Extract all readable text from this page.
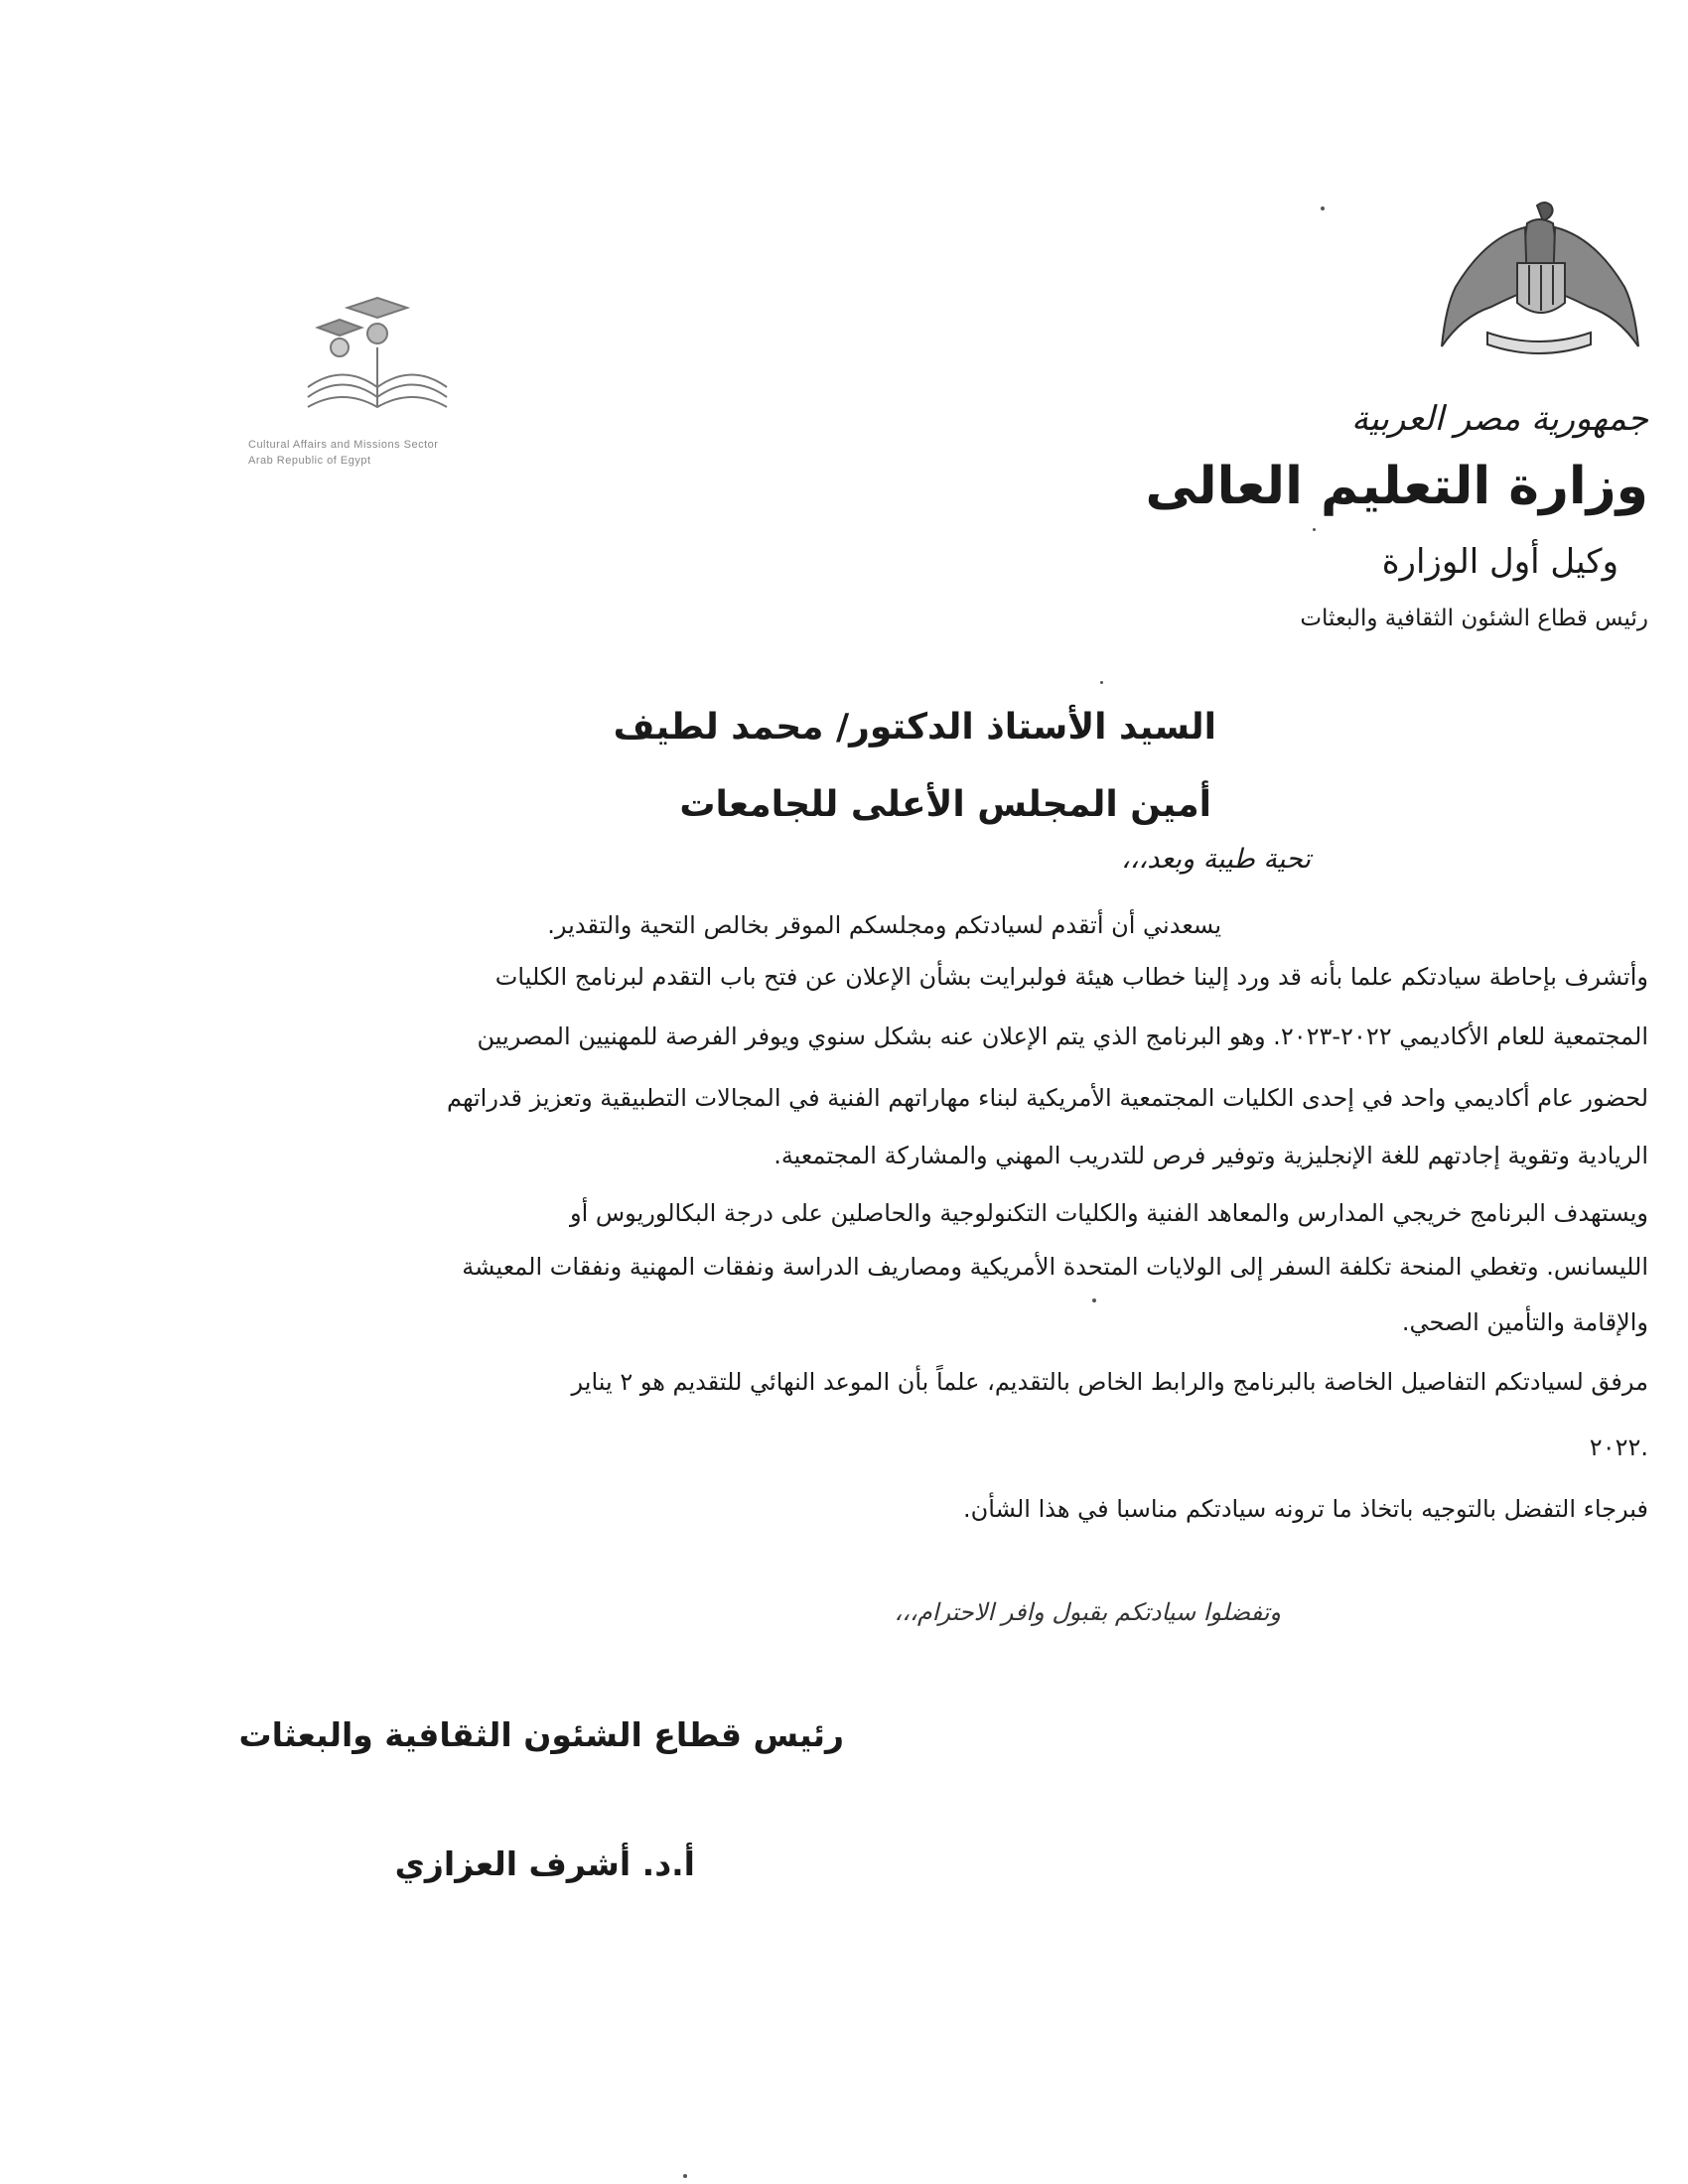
Cultural Affairs and Missions Sector
Arab Republic of Egypt
جمهورية مصر العربية
وزارة التعليم العالى
وكيل أول الوزارة
رئيس قطاع الشئون الثقافية والبعثات
السيد الأستاذ الدكتور/ محمد لطيف
أمين المجلس الأعلى للجامعات
تحية طيبة وبعد،،،
يسعدني أن أتقدم لسيادتكم ومجلسكم الموقر بخالص التحية والتقدير.
وأتشرف بإحاطة سيادتكم علما بأنه قد ورد إلينا خطاب هيئة فولبرايت بشأن الإعلان عن فتح باب التقدم لبرنامج الكليات
المجتمعية للعام الأكاديمي ٢٠٢٢-٢٠٢٣. وهو البرنامج الذي يتم الإعلان عنه بشكل سنوي ويوفر الفرصة للمهنيين المصريين
لحضور عام أكاديمي واحد في إحدى الكليات المجتمعية الأمريكية لبناء مهاراتهم الفنية في المجالات التطبيقية وتعزيز قدراتهم
الريادية وتقوية إجادتهم للغة الإنجليزية وتوفير فرص للتدريب المهني والمشاركة المجتمعية.
ويستهدف البرنامج خريجي المدارس والمعاهد الفنية والكليات التكنولوجية والحاصلين على درجة البكالوريوس أو
الليسانس. وتغطي المنحة تكلفة السفر إلى الولايات المتحدة الأمريكية ومصاريف الدراسة ونفقات المهنية ونفقات المعيشة
والإقامة والتأمين الصحي.
مرفق لسيادتكم التفاصيل الخاصة بالبرنامج والرابط الخاص بالتقديم، علماً بأن الموعد النهائي للتقديم هو ٢ يناير
٢٠٢٢.
فبرجاء التفضل بالتوجيه باتخاذ ما ترونه سيادتكم مناسبا في هذا الشأن.
وتفضلوا سيادتكم بقبول وافر الاحترام،،،
رئيس قطاع الشئون الثقافية والبعثات
أ.د. أشرف العزازي
